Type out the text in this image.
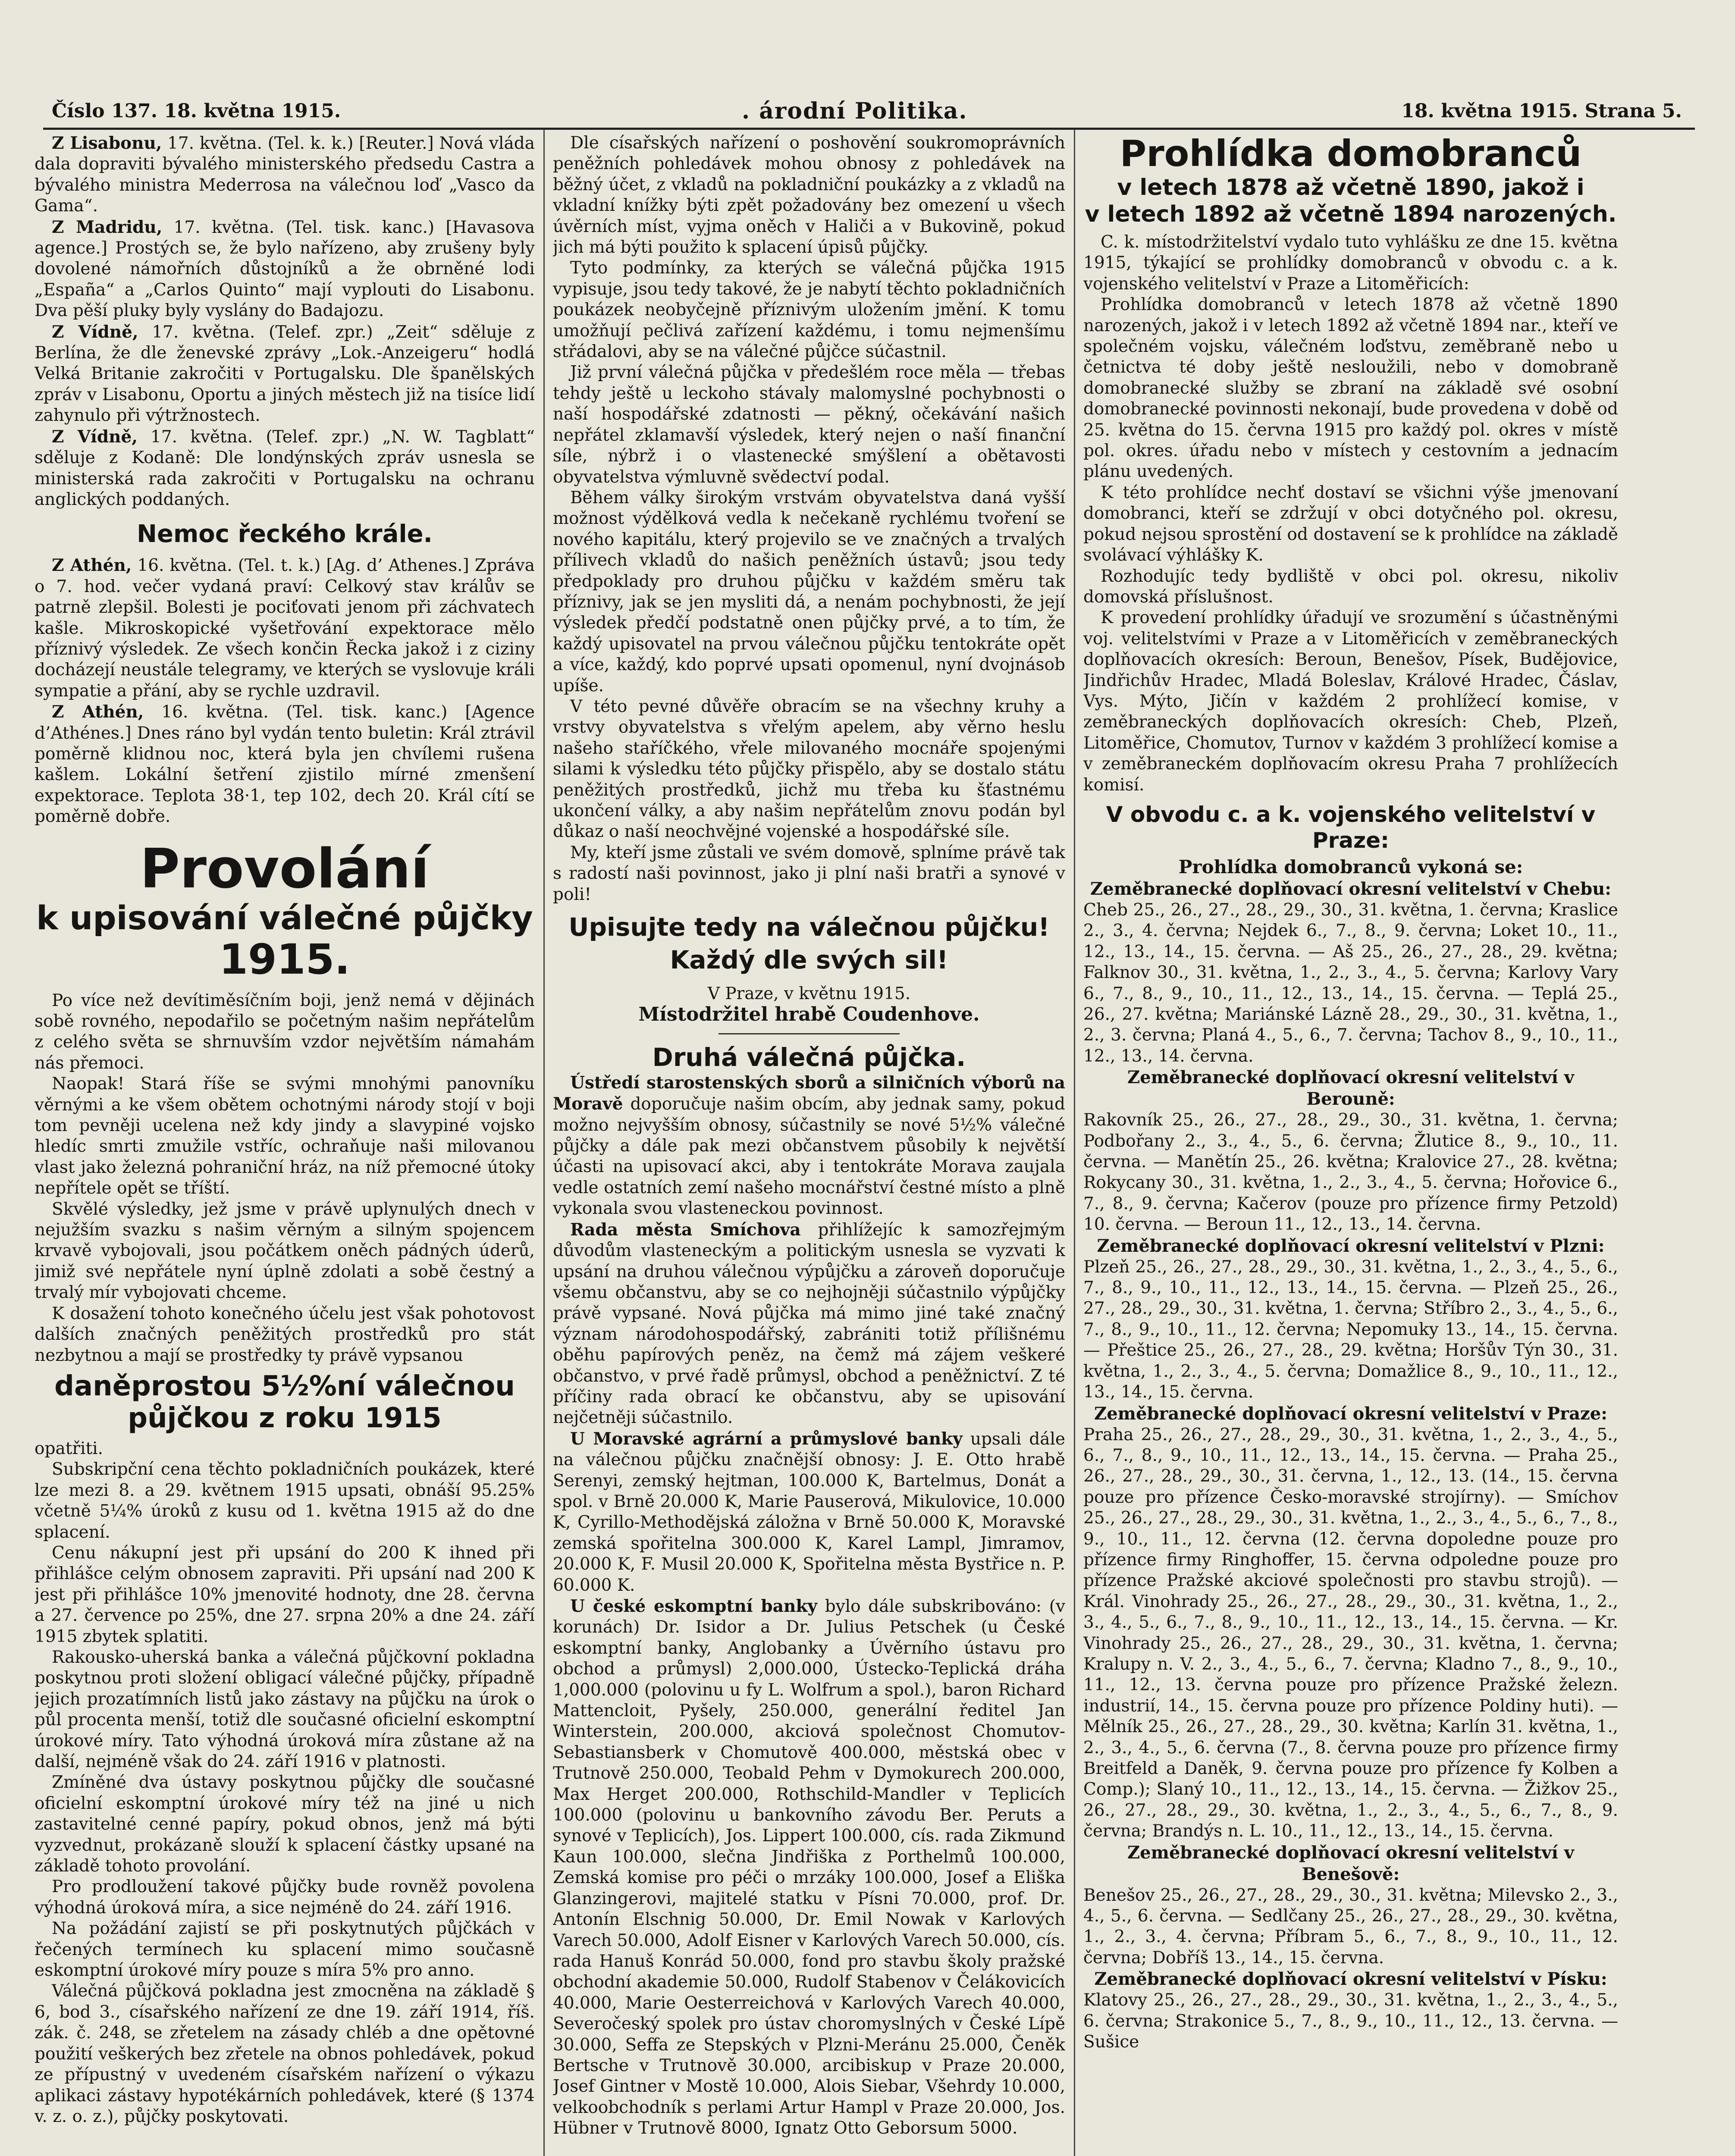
Číslo 137. 18. května 1915.	. árodní Politika.	18. května 1915. Strana 5.

Z Lisabonu, 17. května. (Tel. k. k.) [Reuter.] Nová vláda dala dopraviti bývalého ministerského předsedu Castra a bývalého ministra Mederrosa na válečnou loď „Vasco da Gama“.

Z Madridu, 17. května. (Tel. tisk. kanc.) [Havasova agence.] Prostých se, že bylo nařízeno, aby zrušeny byly dovolené námořních důstojníků a že obrněné lodi „España“ a „Carlos Quinto“ mají vyplouti do Lisabonu. Dva pěší pluky byly vyslány do Badajozu.

Z Vídně, 17. května. (Telef. zpr.) „Zeit“ sděluje z Berlína, že dle ženevské zprávy „Lok.-Anzeigeru“ hodlá Velká Britanie zakročiti v Portugalsku. Dle španělských zpráv v Lisabonu, Oportu a jiných městech již na tisíce lidí zahynulo při výtržnostech.

Z Vídně, 17. května. (Telef. zpr.) „N. W. Tagblatt“ sděluje z Kodaně: Dle londýnských zpráv usnesla se ministerská rada zakročiti v Portugalsku na ochranu anglických poddaných.

Nemoc řeckého krále.

Z Athén, 16. května. (Tel. t. k.) [Ag. d’ Athenes.] Zpráva o 7. hod. večer vydaná praví: Celkový stav králův se patrně zlepšil. Bolesti je pociťovati jenom při záchvatech kašle. Mikroskopické vyšetřování expektorace mělo příznivý výsledek. Ze všech končin Řecka jakož i z ciziny docházejí neustále telegramy, ve kterých se vyslovuje králi sympatie a přání, aby se rychle uzdravil.

Z Athén, 16. května. (Tel. tisk. kanc.) [Agence d’Athénes.] Dnes ráno byl vydán tento buletin: Král ztrávil poměrně klidnou noc, která byla jen chvílemi rušena kašlem. Lokální šetření zjistilo mírné zmenšení expektorace. Teplota 38·1, tep 102, dech 20. Král cítí se poměrně dobře.

Provolání
k upisování válečné půjčky
1915.

Po více než devítiměsíčním boji, jenž nemá v dějinách sobě rovného, nepodařilo se početným našim nepřátelům z celého světa se shrnuvším vzdor největším námahám nás přemoci.

Naopak! Stará říše se svými mnohými panovníku věrnými a ke všem obětem ochotnými národy stojí v boji tom pevněji ucelena než kdy jindy a slavypiné vojsko hledíc smrti zmužile vstříc, ochraňuje naši milovanou vlast jako železná pohraniční hráz, na níž přemocné útoky nepřítele opět se tříští.

Skvělé výsledky, jež jsme v právě uplynulých dnech v nejužším svazku s našim věrným a silným spojencem krvavě vybojovali, jsou počátkem oněch pádných úderů, jimiž své nepřátele nyní úplně zdolati a sobě čestný a trvalý mír vybojovati chceme.

K dosažení tohoto konečného účelu jest však pohotovost dalších značných peněžitých prostředků pro stát nezbytnou a mají se prostředky ty právě vypsanou

daněprostou 5½%ní válečnou půjčkou z roku 1915

opatřiti.

Subskripční cena těchto pokladničních poukázek, které lze mezi 8. a 29. květnem 1915 upsati, obnáší 95.25% včetně 5¼% úroků z kusu od 1. května 1915 až do dne splacení.

Cenu nákupní jest při upsání do 200 K ihned při přihlášce celým obnosem zapraviti. Při upsání nad 200 K jest při přihlášce 10% jmenovité hodnoty, dne 28. června a 27. července po 25%, dne 27. srpna 20% a dne 24. září 1915 zbytek splatiti.

Rakousko-uherská banka a válečná půjčkovní pokladna poskytnou proti složení obligací válečné půjčky, případně jejich prozatímních listů jako zástavy na půjčku na úrok o půl procenta menší, totiž dle současné oficielní eskomptní úrokové míry. Tato výhodná úroková míra zůstane až na další, nejméně však do 24. září 1916 v platnosti.

Zmíněné dva ústavy poskytnou půjčky dle současné oficielní eskomptní úrokové míry též na jiné u nich zastavitelné cenné papíry, pokud obnos, jenž má býti vyzvednut, prokázaně slouží k splacení částky upsané na základě tohoto provolání.

Pro prodloužení takové půjčky bude rovněž povolena výhodná úroková míra, a sice nejméně do 24. září 1916.

Na požádání zajistí se při poskytnutých půjčkách v řečených termínech ku splacení mimo současně eskomptní úrokové míry pouze s míra 5% pro anno.

Válečná půjčková pokladna jest zmocněna na základě § 6, bod 3., císařského nařízení ze dne 19. září 1914, říš. zák. č. 248, se zřetelem na zásady chléb a dne opětovné použití veškerých bez zřetele na obnos pohledávek, pokud ze přípustný v uvedeném císařském nařízení o výkazu aplikaci zástavy hypotékárních pohledávek, které (§ 1374 v. z. o. z.), půjčky poskytovati.

Dle císařských nařízení o poshovění soukromoprávních peněžních pohledávek mohou obnosy z pohledávek na běžný účet, z vkladů na pokladniční poukázky a z vkladů na vkladní knížky býti zpět požadovány bez omezení u všech úvěrních míst, vyjma oněch v Haliči a v Bukovině, pokud jich má býti použito k splacení úpisů půjčky.

Tyto podmínky, za kterých se válečná půjčka 1915 vypisuje, jsou tedy takové, že je nabytí těchto pokladničních poukázek neobyčejně příznivým uložením jmění. K tomu umožňují pečlivá zařízení každému, i tomu nejmenšímu střádalovi, aby se na válečné půjčce súčastnil.

Již první válečná půjčka v předešlém roce měla — třebas tehdy ještě u leckoho stávaly malomyslné pochybnosti o naší hospodářské zdatnosti — pěkný, očekávání našich nepřátel zklamavší výsledek, který nejen o naší finanční síle, nýbrž i o vlastenecké smýšlení a obětavosti obyvatelstva výmluvně svědectví podal.

Během války širokým vrstvám obyvatelstva daná vyšší možnost výdělková vedla k nečekaně rychlému tvoření se nového kapitálu, který projevilo se ve značných a trvalých přílivech vkladů do našich peněžních ústavů; jsou tedy předpoklady pro druhou půjčku v každém směru tak příznivy, jak se jen mysliti dá, a nenám pochybnosti, že její výsledek předčí podstatně onen půjčky prvé, a to tím, že každý upisovatel na prvou válečnou půjčku tentokráte opět a více, každý, kdo poprvé upsati opomenul, nyní dvojnásob upíše.

V této pevné důvěře obracím se na všechny kruhy a vrstvy obyvatelstva s vřelým apelem, aby věrno heslu našeho staříčkého, vřele milovaného mocnáře spojenými silami k výsledku této půjčky přispělo, aby se dostalo státu peněžitých prostředků, jichž mu třeba ku šťastnému ukončení války, a aby našim nepřátelům znovu podán byl důkaz o naší neochvějné vojenské a hospodářské síle.

My, kteří jsme zůstali ve svém domově, splníme právě tak s radostí naši povinnost, jako ji plní naši bratři a synové v poli!

Upisujte tedy na válečnou půjčku!
Každý dle svých sil!
V Praze, v květnu 1915.
Místodržitel hrabě Coudenhove.
Druhá válečná půjčka.

Ústředí starostenských sborů a silničních výborů na Moravě doporučuje našim obcím, aby jednak samy, pokud možno nejvyšším obnosy, súčastnily se nové 5½% válečné půjčky a dále pak mezi občanstvem působily k největší účasti na upisovací akci, aby i tentokráte Morava zaujala vedle ostatních zemí našeho mocnářství čestné místo a plně vykonala svou vlasteneckou povinnost.

Rada města Smíchova přihlížejíc k samozřejmým důvodům vlasteneckým a politickým usnesla se vyzvati k upsání na druhou válečnou výpůjčku a zároveň doporučuje všemu občanstvu, aby se co nejhojněji súčastnilo výpůjčky právě vypsané. Nová půjčka má mimo jiné také značný význam národohospodářský, zabrániti totiž přílišnému oběhu papírových peněz, na čemž má zájem veškeré občanstvo, v prvé řadě průmysl, obchod a peněžnictví. Z té příčiny rada obrací ke občanstvu, aby se upisování nejčetněji súčastnilo.

U Moravské agrární a průmyslové banky upsali dále na válečnou půjčku značnější obnosy: J. E. Otto hrabě Serenyi, zemský hejtman, 100.000 K, Bartelmus, Donát a spol. v Brně 20.000 K, Marie Pauserová, Mikulovice, 10.000 K, Cyrillo-Methodějská záložna v Brně 50.000 K, Moravské zemská spořitelna 300.000 K, Karel Lampl, Jimramov, 20.000 K, F. Musil 20.000 K, Spořitelna města Bystřice n. P. 60.000 K.

U české eskomptní banky bylo dále subskribováno: (v korunách) Dr. Isidor a Dr. Julius Petschek (u České eskomptní banky, Anglobanky a Úvěrního ústavu pro obchod a průmysl) 2,000.000, Ústecko-Teplická dráha 1,000.000 (polovinu u fy L. Wolfrum a spol.), baron Richard Mattencloit, Pyšely, 250.000, generální ředitel Jan Winterstein, 200.000, akciová společnost Chomutov-Sebastiansberk v Chomutově 400.000, městská obec v Trutnově 250.000, Teobald Pehm v Dymokurech 200.000, Max Herget 200.000, Rothschild-Mandler v Teplicích 100.000 (polovinu u bankovního závodu Ber. Peruts a synové v Teplicích), Jos. Lippert 100.000, cís. rada Zikmund Kaun 100.000, slečna Jindřiška z Porthelmů 100.000, Zemská komise pro péči o mrzáky 100.000, Josef a Eliška Glanzingerovi, majitelé statku v Písni 70.000, prof. Dr. Antonín Elschnig 50.000, Dr. Emil Nowak v Karlových Varech 50.000, Adolf Eisner v Karlových Varech 50.000, cís. rada Hanuš Konrád 50.000, fond pro stavbu školy pražské obchodní akademie 50.000, Rudolf Stabenov v Čelákovicích 40.000, Marie Oesterreichová v Karlových Varech 40.000, Severočeský spolek pro ústav choromyslných v České Lípě 30.000, Seffa ze Stepských v Plzni-Meránu 25.000, Čeněk Bertsche v Trutnově 30.000, arcibiskup v Praze 20.000, Josef Gintner v Mostě 10.000, Alois Siebar, Všehrdy 10.000, velkoobchodník s perlami Artur Hampl v Praze 20.000, Jos. Hübner v Trutnově 8000, Ignatz Otto Geborsum 5000.

Prohlídka domobranců
v letech 1878 až včetně 1890, jakož i
v letech 1892 až včetně 1894 narozených.

C. k. místodržitelství vydalo tuto vyhlášku ze dne 15. května 1915, týkající se prohlídky domobranců v obvodu c. a k. vojenského velitelství v Praze a Litoměřicích:

Prohlídka domobranců v letech 1878 až včetně 1890 narozených, jakož i v letech 1892 až včetně 1894 nar., kteří ve společném vojsku, válečném loďstvu, zeměbraně nebo u četnictva té doby ještě nesloužili, nebo v domobraně domobranecké služby se zbraní na základě své osobní domobranecké povinnosti nekonají, bude provedena v době od 25. května do 15. června 1915 pro každý pol. okres v místě pol. okres. úřadu nebo v místech y cestovním a jednacím plánu uvedených.

K této prohlídce nechť dostaví se všichni výše jmenovaní domobranci, kteří se zdržují v obci dotyčného pol. okresu, pokud nejsou sprostění od dostavení se k prohlídce na základě svolávací výhlášky K.

Rozhodujíc tedy bydliště v obci pol. okresu, nikoliv domovská příslušnost.

K provedení prohlídky úřadují ve srozumění s účastněnými voj. velitelstvími v Praze a v Litoměřicích v zeměbraneckých doplňovacích okresích: Beroun, Benešov, Písek, Budějovice, Jindřichův Hradec, Mladá Boleslav, Králové Hradec, Čáslav, Vys. Mýto, Jičín v každém 2 prohlížecí komise, v zeměbraneckých doplňovacích okresích: Cheb, Plzeň, Litoměřice, Chomutov, Turnov v každém 3 prohlížecí komise a v zeměbraneckém doplňovacím okresu Praha 7 prohlížecích komisí.

V obvodu c. a k. vojenského velitelství v Praze:
Prohlídka domobranců vykoná se:
Zeměbranecké doplňovací okresní velitelství v Chebu:

Cheb 25., 26., 27., 28., 29., 30., 31. května, 1. června; Kraslice 2., 3., 4. června; Nejdek 6., 7., 8., 9. června; Loket 10., 11., 12., 13., 14., 15. června. — Aš 25., 26., 27., 28., 29. května; Falknov 30., 31. května, 1., 2., 3., 4., 5. června; Karlovy Vary 6., 7., 8., 9., 10., 11., 12., 13., 14., 15. června. — Teplá 25., 26., 27. května; Mariánské Lázně 28., 29., 30., 31. května, 1., 2., 3. června; Planá 4., 5., 6., 7. června; Tachov 8., 9., 10., 11., 12., 13., 14. června.

Zeměbranecké doplňovací okresní velitelství v Berouně:

Rakovník 25., 26., 27., 28., 29., 30., 31. května, 1. června; Podbořany 2., 3., 4., 5., 6. června; Žlutice 8., 9., 10., 11. června. — Manětín 25., 26. května; Kralovice 27., 28. května; Rokycany 30., 31. května, 1., 2., 3., 4., 5. června; Hořovice 6., 7., 8., 9. června; Kačerov (pouze pro přízence firmy Petzold) 10. června. — Beroun 11., 12., 13., 14. června.

Zeměbranecké doplňovací okresní velitelství v Plzni:

Plzeň 25., 26., 27., 28., 29., 30., 31. května, 1., 2., 3., 4., 5., 6., 7., 8., 9., 10., 11., 12., 13., 14., 15. června. — Plzeň 25., 26., 27., 28., 29., 30., 31. května, 1. června; Stříbro 2., 3., 4., 5., 6., 7., 8., 9., 10., 11., 12. června; Nepomuky 13., 14., 15. června. — Přeštice 25., 26., 27., 28., 29. května; Horšův Týn 30., 31. května, 1., 2., 3., 4., 5. června; Domažlice 8., 9., 10., 11., 12., 13., 14., 15. června.

Zeměbranecké doplňovací okresní velitelství v Praze:

Praha 25., 26., 27., 28., 29., 30., 31. května, 1., 2., 3., 4., 5., 6., 7., 8., 9., 10., 11., 12., 13., 14., 15. června. — Praha 25., 26., 27., 28., 29., 30., 31. června, 1., 12., 13. (14., 15. června pouze pro přízence Česko-moravské strojírny). — Smíchov 25., 26., 27., 28., 29., 30., 31. května, 1., 2., 3., 4., 5., 6., 7., 8., 9., 10., 11., 12. června (12. června dopoledne pouze pro přízence firmy Ringhoffer, 15. června odpoledne pouze pro přízence Pražské akciové společnosti pro stavbu strojů). — Král. Vinohrady 25., 26., 27., 28., 29., 30., 31. května, 1., 2., 3., 4., 5., 6., 7., 8., 9., 10., 11., 12., 13., 14., 15. června. — Kr. Vinohrady 25., 26., 27., 28., 29., 30., 31. května, 1. června; Kralupy n. V. 2., 3., 4., 5., 6., 7. června; Kladno 7., 8., 9., 10., 11., 12., 13. června pouze pro přízence Pražské železn. industrií, 14., 15. června pouze pro přízence Poldiny huti). — Mělník 25., 26., 27., 28., 29., 30. května; Karlín 31. května, 1., 2., 3., 4., 5., 6. června (7., 8. června pouze pro přízence firmy Breitfeld a Daněk, 9. června pouze pro přízence fy Kolben a Comp.); Slaný 10., 11., 12., 13., 14., 15. června. — Žižkov 25., 26., 27., 28., 29., 30. května, 1., 2., 3., 4., 5., 6., 7., 8., 9. června; Brandýs n. L. 10., 11., 12., 13., 14., 15. června.

Zeměbranecké doplňovací okresní velitelství v Benešově:

Benešov 25., 26., 27., 28., 29., 30., 31. května; Milevsko 2., 3., 4., 5., 6. června. — Sedlčany 25., 26., 27., 28., 29., 30. května, 1., 2., 3., 4. června; Příbram 5., 6., 7., 8., 9., 10., 11., 12. června; Dobříš 13., 14., 15. června.

Zeměbranecké doplňovací okresní velitelství v Písku:

Klatovy 25., 26., 27., 28., 29., 30., 31. května, 1., 2., 3., 4., 5., 6. června; Strakonice 5., 7., 8., 9., 10., 11., 12., 13. června. — Sušice
